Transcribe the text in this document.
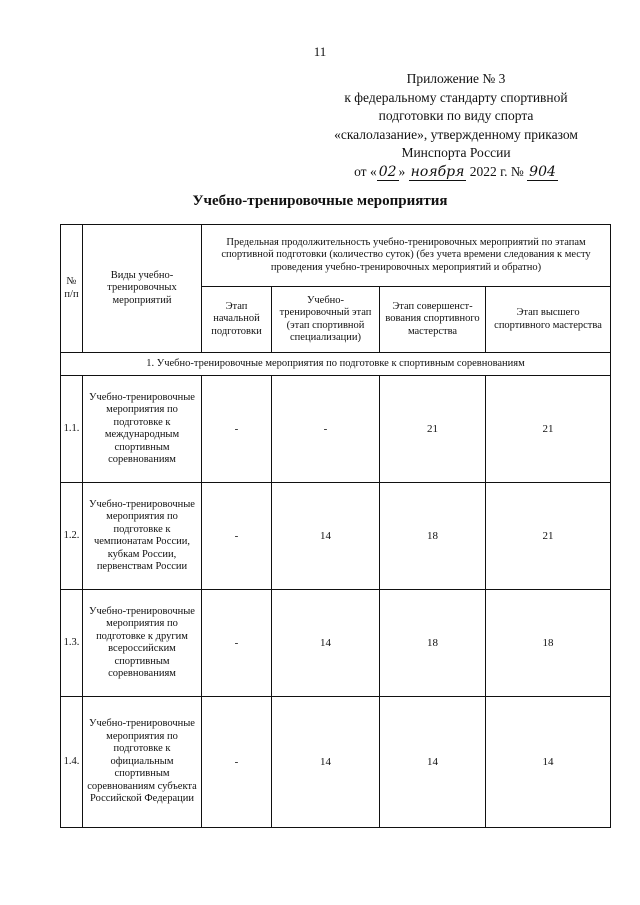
11
Приложение № 3
к федеральному стандарту спортивной
подготовки по виду спорта
«скалолазание», утвержденному приказом
Минспорта России
от « 02 » ноября 2022 г. № 904
Учебно-тренировочные мероприятия
№ п/п	Виды учебно-тренировочных мероприятий	Предельная продолжительность учебно-тренировочных мероприятий по этапам спортивной подготовки (количество суток) (без учета времени следования к месту проведения учебно-тренировочных мероприятий и обратно)			
		Этап начальной подготовки	Учебно-тренировочный этап (этап спортивной специализации)	Этап совершенст-вования спортивного мастерства	Этап высшего спортивного мастерства
1. Учебно-тренировочные мероприятия по подготовке к спортивным соревнованиям					
1.1.	Учебно-тренировочные мероприятия по подготовке к международным спортивным соревнованиям	-	-	21	21
1.2.	Учебно-тренировочные мероприятия по подготовке к чемпионатам России, кубкам России, первенствам России	-	14	18	21
1.3.	Учебно-тренировочные мероприятия по подготовке к другим всероссийским спортивным соревнованиям	-	14	18	18
1.4.	Учебно-тренировочные мероприятия по подготовке к официальным спортивным соревнованиям субъекта Российской Федерации	-	14	14	14
